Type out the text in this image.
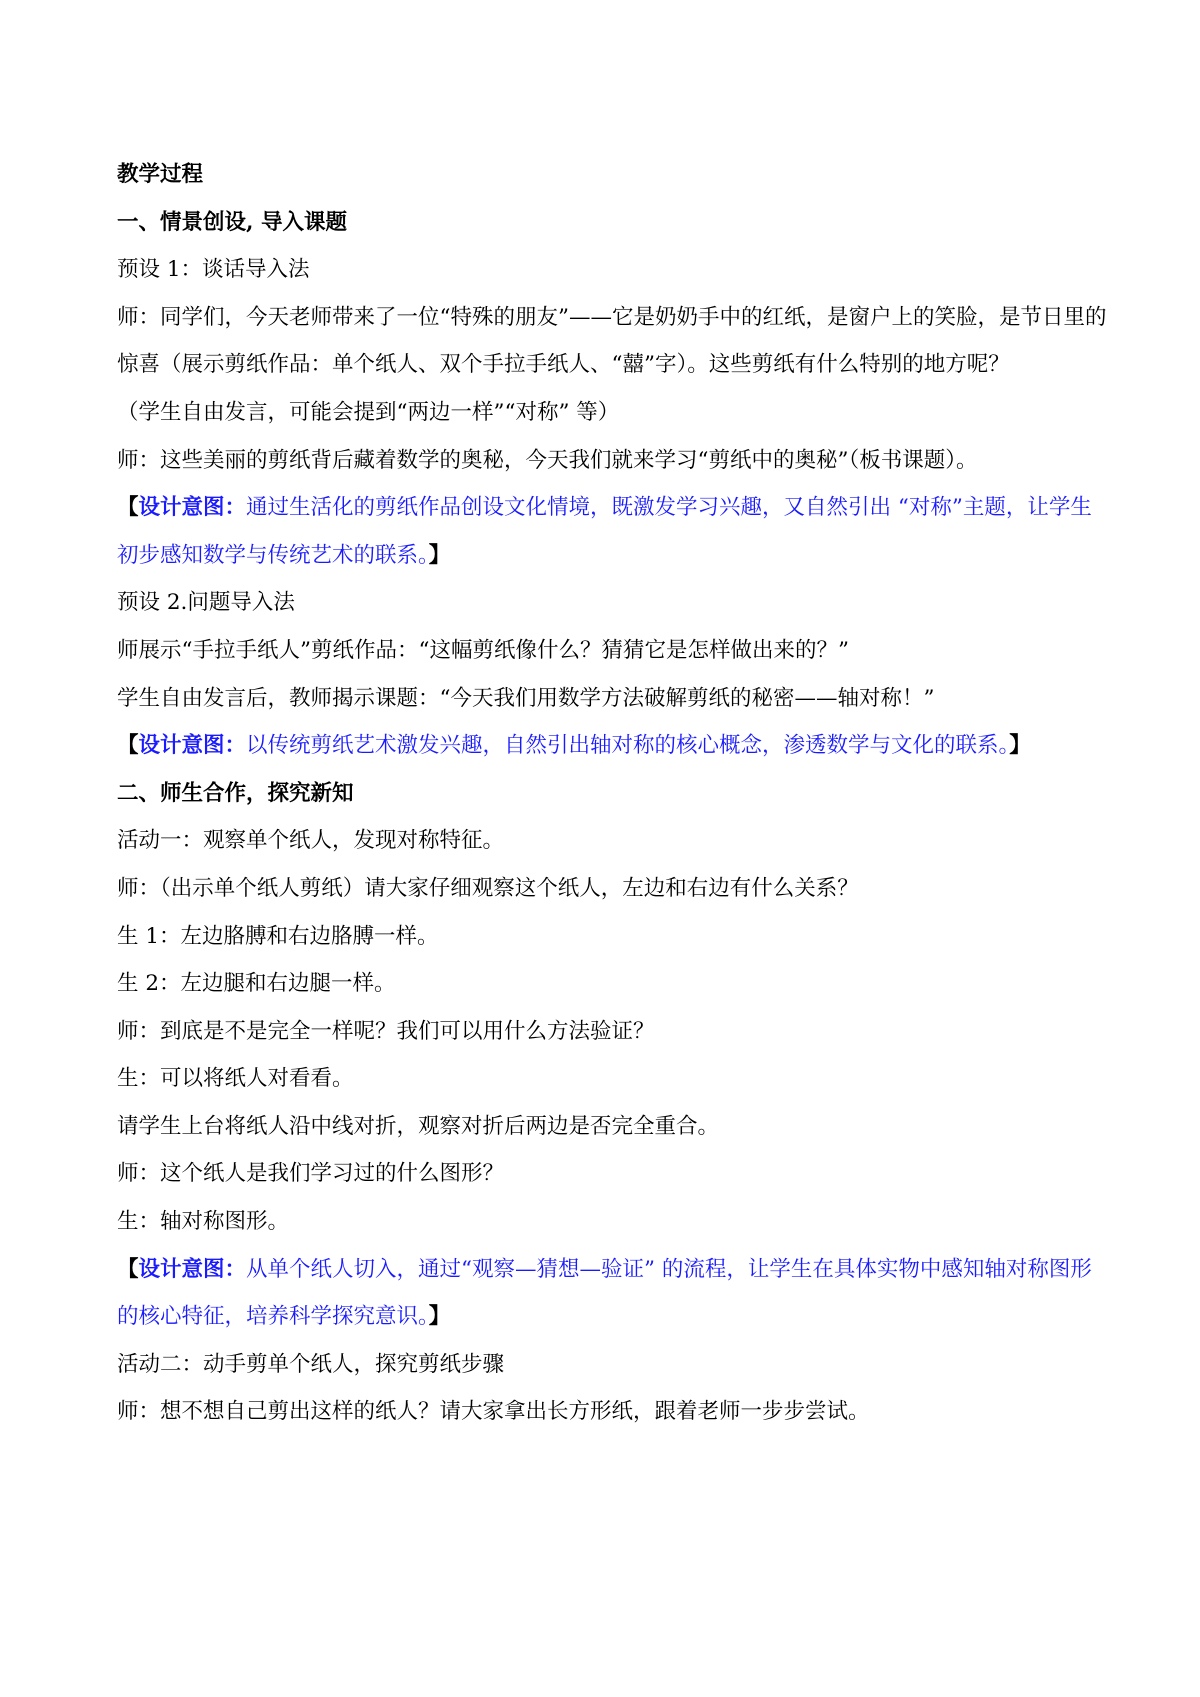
教学过程

一、情景创设, 导入课题

预设 1：谈话导入法

师：同学们，今天老师带来了一位“特殊的朋友”——它是奶奶手中的红纸，是窗户上的笑脸，是节日里的惊喜（展示剪纸作品：单个纸人、双个手拉手纸人、“囍”字）。这些剪纸有什么特别的地方呢？

（学生自由发言，可能会提到“两边一样”“对称” 等）

师：这些美丽的剪纸背后藏着数学的奥秘，今天我们就来学习“剪纸中的奥秘”（板书课题）。

【设计意图：通过生活化的剪纸作品创设文化情境，既激发学习兴趣，又自然引出 “对称”主题，让学生初步感知数学与传统艺术的联系。】

预设 2.问题导入法

师展示“手拉手纸人”剪纸作品：“这幅剪纸像什么？猜猜它是怎样做出来的？”

学生自由发言后，教师揭示课题：“今天我们用数学方法破解剪纸的秘密——轴对称！”

【设计意图：以传统剪纸艺术激发兴趣，自然引出轴对称的核心概念，渗透数学与文化的联系。】

二、师生合作，探究新知

活动一：观察单个纸人，发现对称特征。

师：（出示单个纸人剪纸）请大家仔细观察这个纸人，左边和右边有什么关系？

生 1：左边胳膊和右边胳膊一样。

生 2：左边腿和右边腿一样。

师：到底是不是完全一样呢？我们可以用什么方法验证？

生：可以将纸人对看看。

请学生上台将纸人沿中线对折，观察对折后两边是否完全重合。

师：这个纸人是我们学习过的什么图形？

生：轴对称图形。

【设计意图：从单个纸人切入，通过“观察—猜想—验证” 的流程，让学生在具体实物中感知轴对称图形的核心特征，培养科学探究意识。】

活动二：动手剪单个纸人，探究剪纸步骤

师：想不想自己剪出这样的纸人？请大家拿出长方形纸，跟着老师一步步尝试。
